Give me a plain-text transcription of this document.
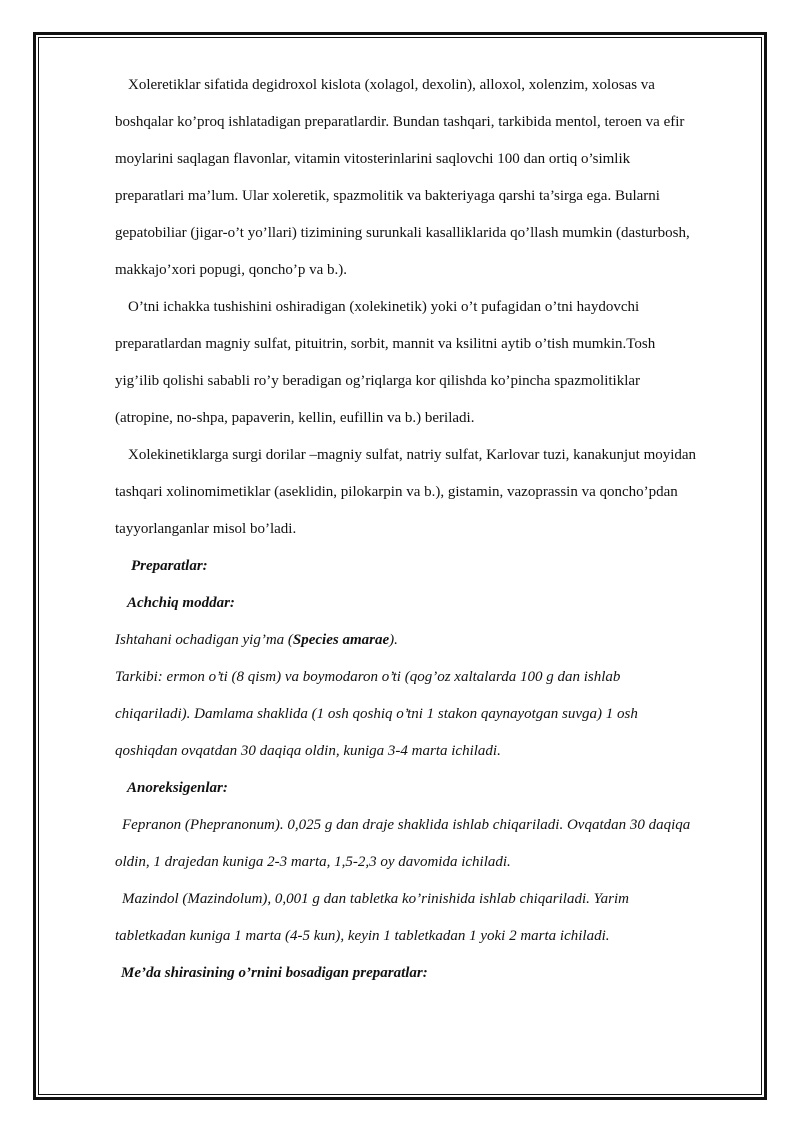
Xoleretiklar sifatida degidroxol kislota (xolagol, dexolin), alloxol, xolenzim, xolosas va
boshqalar ko’proq ishlatadigan preparatlardir. Bundan tashqari, tarkibida mentol, teroen va efir
moylarini saqlagan flavonlar, vitamin vitosterinlarini saqlovchi 100 dan ortiq o’simlik
preparatlari ma’lum. Ular xoleretik, spazmolitik va bakteriyaga qarshi ta’sirga ega. Bularni
gepatobiliar (jigar-o’t yo’llari) tizimining surunkali kasalliklarida qo’llash mumkin (dasturbosh,
makkajo’xori popugi, qoncho’p va b.).
O’tni ichakka tushishini oshiradigan (xolekinetik) yoki o’t pufagidan o’tni haydovchi
preparatlardan magniy sulfat, pituitrin, sorbit, mannit va ksilitni aytib o’tish mumkin.Tosh
yig’ilib qolishi sababli ro’y beradigan og’riqlarga kor qilishda ko’pincha spazmolitiklar
(atropine, no-shpa, papaverin, kellin, eufillin va b.) beriladi.
Xolekinetiklarga surgi dorilar –magniy sulfat, natriy sulfat, Karlovar tuzi, kanakunjut moyidan
tashqari xolinomimetiklar (aseklidin, pilokarpin va b.), gistamin, vazoprassin va qoncho’pdan
tayyorlanganlar misol bo’ladi.
Preparatlar:
Achchiq moddar:
Ishtahani ochadigan yig’ma (Species amarae).
Tarkibi: ermon o’ti (8 qism) va boymodaron o’ti (qog’oz xaltalarda 100 g dan ishlab
chiqariladi). Damlama shaklida (1 osh qoshiq o’tni 1 stakon qaynayotgan suvga) 1 osh
qoshiqdan ovqatdan 30 daqiqa oldin, kuniga 3-4 marta ichiladi.
Anoreksigenlar:
Fepranon (Phepranonum). 0,025 g dan draje shaklida ishlab chiqariladi. Ovqatdan 30 daqiqa
oldin, 1 drajedan kuniga 2-3 marta, 1,5-2,3 oy davomida ichiladi.
Mazindol (Mazindolum), 0,001 g dan tabletka ko’rinishida ishlab chiqariladi. Yarim
tabletkadan kuniga 1 marta (4-5 kun), keyin 1 tabletkadan 1 yoki 2 marta ichiladi.
Me’da shirasining o’rnini bosadigan preparatlar:
